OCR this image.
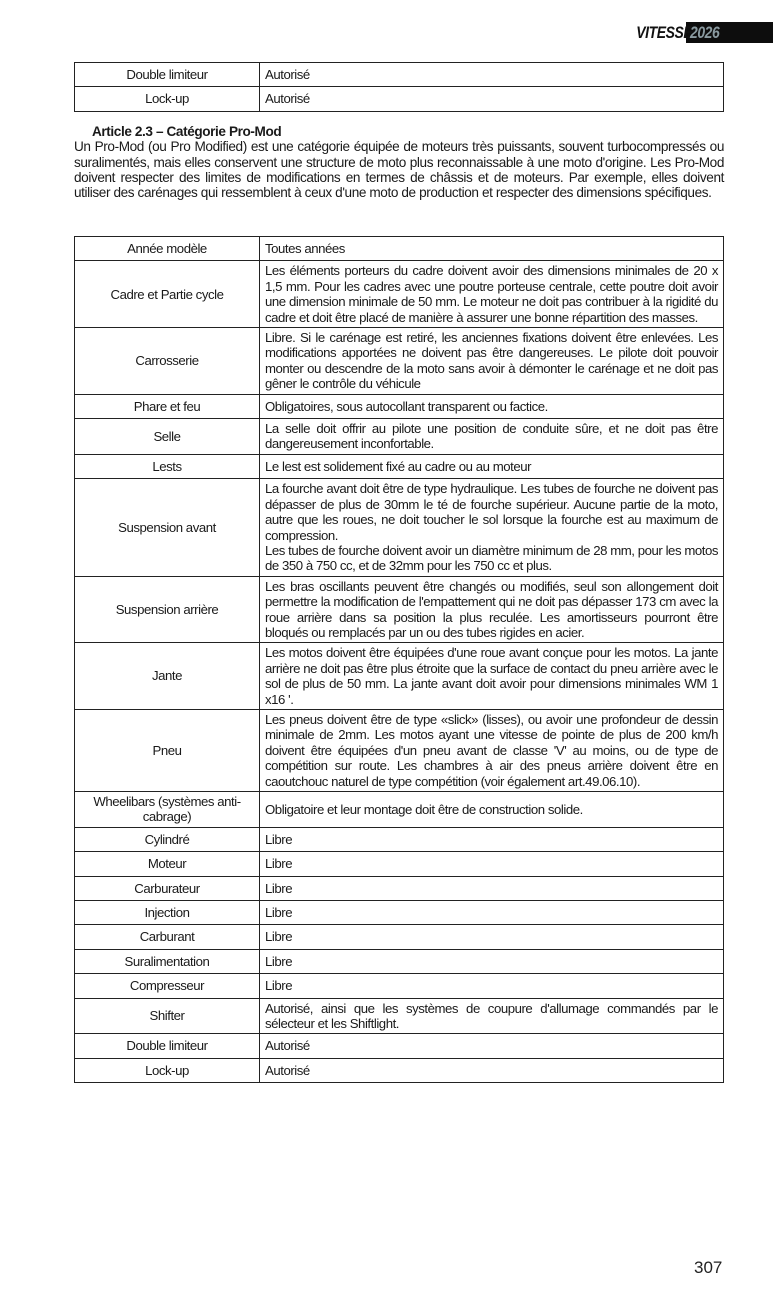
VITESSE
2026
Double limiteur	Autorisé
Lock-up	Autorisé
Article 2.3 – Catégorie Pro-Mod
Un Pro-Mod (ou Pro Modified) est une catégorie équipée de moteurs très puissants, souvent turbocompressés ou suralimentés, mais elles conservent une structure de moto plus reconnaissable à une moto d'origine. Les Pro-Mod doivent respecter des limites de modifications en termes de châssis et de moteurs. Par exemple, elles doivent utiliser des carénages qui ressemblent à ceux d'une moto de production et respecter des dimensions spécifiques.
Année modèle	Toutes années
Cadre et Partie cycle	Les éléments porteurs du cadre doivent avoir des dimensions minimales de 20 x 1,5 mm. Pour les cadres avec une poutre porteuse centrale, cette poutre doit avoir une dimension minimale de 50 mm. Le moteur ne doit pas contribuer à la rigidité du cadre et doit être placé de manière à assurer une bonne répartition des masses.
Carrosserie	Libre. Si le carénage est retiré, les anciennes fixations doivent être enlevées. Les modifications apportées ne doivent pas être dangereuses. Le pilote doit pouvoir monter ou descendre de la moto sans avoir à démonter le carénage et ne doit pas gêner le contrôle du véhicule
Phare et feu	Obligatoires, sous autocollant transparent ou factice.
Selle	La selle doit offrir au pilote une position de conduite sûre, et ne doit pas être dangereusement inconfortable.
Lests	Le lest est solidement fixé au cadre ou au moteur
Suspension avant	La fourche avant doit être de type hydraulique. Les tubes de fourche ne doivent pas dépasser de plus de 30mm le té de fourche supérieur. Aucune partie de la moto, autre que les roues, ne doit toucher le sol lorsque la fourche est au maximum de compression.
Les tubes de fourche doivent avoir un diamètre minimum de 28 mm, pour les motos de 350 à 750 cc, et de 32mm pour les 750 cc et plus.
Suspension arrière	Les bras oscillants peuvent être changés ou modifiés, seul son allongement doit permettre la modification de l'empattement qui ne doit pas dépasser 173 cm avec la roue arrière dans sa position la plus reculée. Les amortisseurs pourront être bloqués ou remplacés par un ou des tubes rigides en acier.
Jante	Les motos doivent être équipées d'une roue avant conçue pour les motos. La jante arrière ne doit pas être plus étroite que la surface de contact du pneu arrière avec le sol de plus de 50 mm. La jante avant doit avoir pour dimensions minimales WM 1 x16 '.
Pneu	Les pneus doivent être de type «slick» (lisses), ou avoir une profondeur de dessin minimale de 2mm. Les motos ayant une vitesse de pointe de plus de 200 km/h doivent être équipées d'un pneu avant de classe 'V' au moins, ou de type de compétition sur route. Les chambres à air des pneus arrière doivent être en caoutchouc naturel de type compétition (voir également art.49.06.10).
Wheelibars (systèmes anti-cabrage)	Obligatoire et leur montage doit être de construction solide.
Cylindré	Libre
Moteur	Libre
Carburateur	Libre
Injection	Libre
Carburant	Libre
Suralimentation	Libre
Compresseur	Libre
Shifter	Autorisé, ainsi que les systèmes de coupure d'allumage commandés par le sélecteur et les Shiftlight.
Double limiteur	Autorisé
Lock-up	Autorisé
307
